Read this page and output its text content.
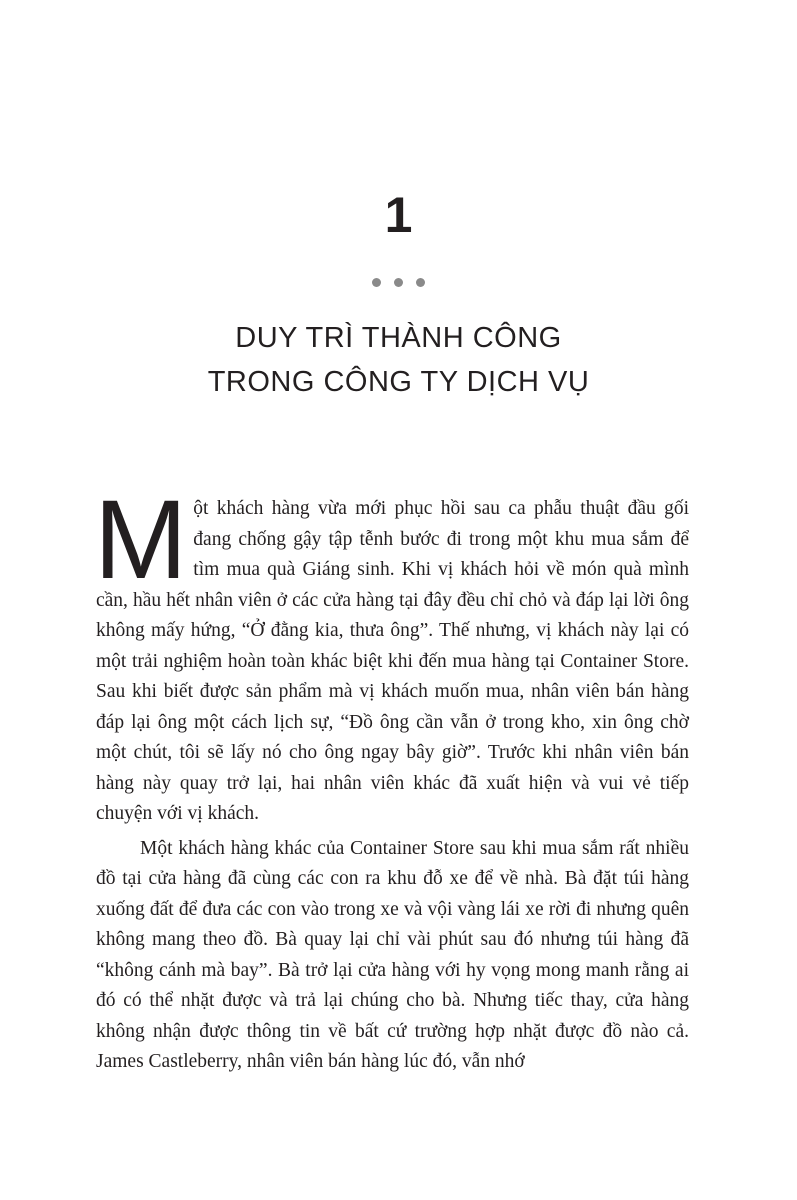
1
DUY TRÌ THÀNH CÔNG
TRONG CÔNG TY DỊCH VỤ

Một khách hàng vừa mới phục hồi sau ca phẫu thuật đầu gối đang chống gậy tập tễnh bước đi trong một khu mua sắm để tìm mua quà Giáng sinh. Khi vị khách hỏi về món quà mình cần, hầu hết nhân viên ở các cửa hàng tại đây đều chỉ chỏ và đáp lại lời ông không mấy hứng, “Ở đằng kia, thưa ông”. Thế nhưng, vị khách này lại có một trải nghiệm hoàn toàn khác biệt khi đến mua hàng tại Container Store. Sau khi biết được sản phẩm mà vị khách muốn mua, nhân viên bán hàng đáp lại ông một cách lịch sự, “Đồ ông cần vẫn ở trong kho, xin ông chờ một chút, tôi sẽ lấy nó cho ông ngay bây giờ”. Trước khi nhân viên bán hàng này quay trở lại, hai nhân viên khác đã xuất hiện và vui vẻ tiếp chuyện với vị khách.

Một khách hàng khác của Container Store sau khi mua sắm rất nhiều đồ tại cửa hàng đã cùng các con ra khu đỗ xe để về nhà. Bà đặt túi hàng xuống đất để đưa các con vào trong xe và vội vàng lái xe rời đi nhưng quên không mang theo đồ. Bà quay lại chỉ vài phút sau đó nhưng túi hàng đã “không cánh mà bay”. Bà trở lại cửa hàng với hy vọng mong manh rằng ai đó có thể nhặt được và trả lại chúng cho bà. Nhưng tiếc thay, cửa hàng không nhận được thông tin về bất cứ trường hợp nhặt được đồ nào cả. James Castleberry, nhân viên bán hàng lúc đó, vẫn nhớ
